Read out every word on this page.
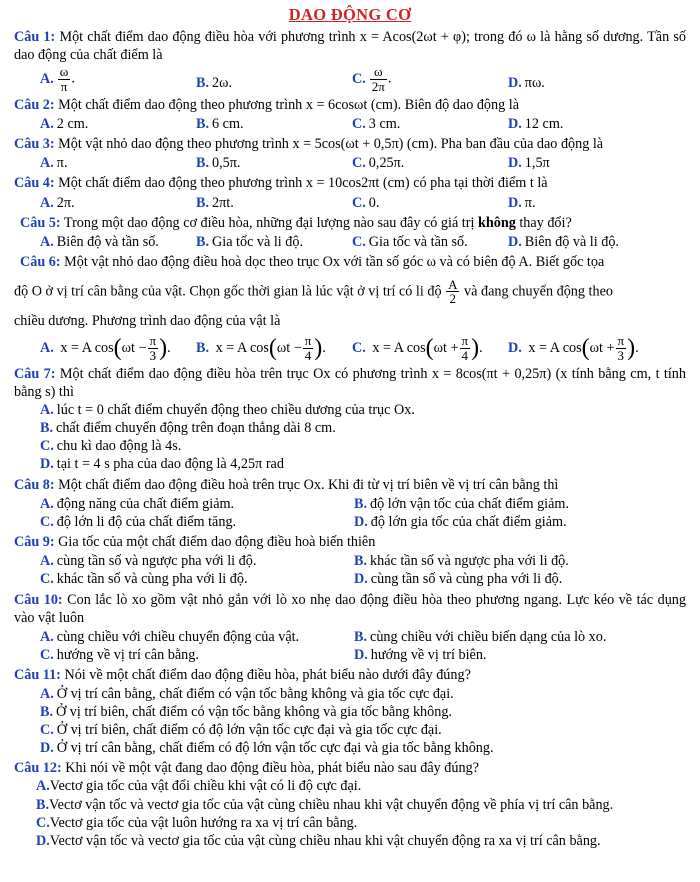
DAO ĐỘNG CƠ
Câu 1: Một chất điểm dao động điều hòa với phương trình x = Acos(2ωt + φ); trong đó ω là hằng số dương. Tần số dao động của chất điểm là
A. $\frac{\omega}{\pi}$ .	B. 2ω.	C. $\frac{\omega}{2\pi}$ .	D. πω.
Câu 2: Một chất điểm dao động theo phương trình x = 6cosωt (cm). Biên độ dao động là
A. 2 cm.	B. 6 cm.	C. 3 cm.	D. 12 cm.
Câu 3: Một vật nhỏ dao động theo phương trình x = 5cos(ωt + 0,5π) (cm). Pha ban đầu của dao động là
A. π.	B. 0,5π.	C. 0,25π.	D. 1,5π
Câu 4: Một chất điểm dao động theo phương trình x = 10cos2πt (cm) có pha tại thời điểm t là
A. 2π.	B. 2πt.	C. 0.	D. π.
Câu 5: Trong một dao động cơ điều hòa, những đại lượng nào sau đây có giá trị không thay đổi?
A. Biên độ và tần số.	B. Gia tốc và li độ.	C. Gia tốc và tần số.	D. Biên độ và li độ.
Câu 6: Một vật nhỏ dao động điều hoà dọc theo trục Ox với tần số góc ω và có biên độ A. Biết gốc tọa
độ O ở vị trí cân bằng của vật. Chọn gốc thời gian là lúc vật ở vị trí có li độ $\frac{A}{2}$ và đang chuyển động theo
chiều dương. Phương trình dao động của vật là
A.
x = A cos ( $\omega t - \frac{\pi}{3}$ ) .	B.
x = A cos ( $\omega t - \frac{\pi}{4}$ ) .	C.
x = A cos ( $\omega t + \frac{\pi}{4}$ ) .	D.
x = A cos ( $\omega t + \frac{\pi}{3}$ ) .
Câu 7: Một chất điểm dao động điều hòa trên trục Ox có phương trình x = 8cos(πt + 0,25π) (x tính bằng cm, t tính bằng s) thì
A. lúc t = 0 chất điểm chuyển động theo chiều dương của trục Ox.
B. chất điểm chuyển động trên đoạn thẳng dài 8 cm.
C. chu kì dao động là 4s.
D. tại t = 4 s pha của dao động là 4,25π rad
Câu 8: Một chất điểm dao động điều hoà trên trục Ox. Khi đi từ vị trí biên về vị trí cân bằng thì
A. động năng của chất điểm giảm.	B. độ lớn vận tốc của chất điểm giảm.
C. độ lớn li độ của chất điểm tăng.	D. độ lớn gia tốc của chất điểm giảm.
Câu 9: Gia tốc của một chất điểm dao động điều hoà biến thiên
A. cùng tần số và ngược pha với li độ.	B. khác tần số và ngược pha với li độ.
C. khác tần số và cùng pha với li độ.	D. cùng tần số và cùng pha với li độ.
Câu 10: Con lắc lò xo gồm vật nhỏ gắn với lò xo nhẹ dao động điều hòa theo phương ngang. Lực kéo về tác dụng vào vật luôn
A. cùng chiều với chiều chuyển động của vật.	B. cùng chiều với chiều biến dạng của lò xo.
C. hướng về vị trí cân bằng.	D. hướng về vị trí biên.
Câu 11: Nói về một chất điểm dao động điều hòa, phát biểu nào dưới đây đúng?
A. Ở vị trí cân bằng, chất điểm có vận tốc bằng không và gia tốc cực đại.
B. Ở vị trí biên, chất điểm có vận tốc bằng không và gia tốc bằng không.
C. Ở vị trí biên, chất điểm có độ lớn vận tốc cực đại và gia tốc cực đại.
D. Ở vị trí cân bằng, chất điểm có độ lớn vận tốc cực đại và gia tốc bằng không.
Câu 12: Khi nói về một vật đang dao động điều hòa, phát biểu nào sau đây đúng?
A.Vectơ gia tốc của vật đổi chiều khi vật có li độ cực đại.
B.Vectơ vận tốc và vectơ gia tốc của vật cùng chiều nhau khi vật chuyển động về phía vị trí cân bằng.
C.Vectơ gia tốc của vật luôn hướng ra xa vị trí cân bằng.
D.Vectơ vận tốc và vectơ gia tốc của vật cùng chiều nhau khi vật chuyển động ra xa vị trí cân bằng.
